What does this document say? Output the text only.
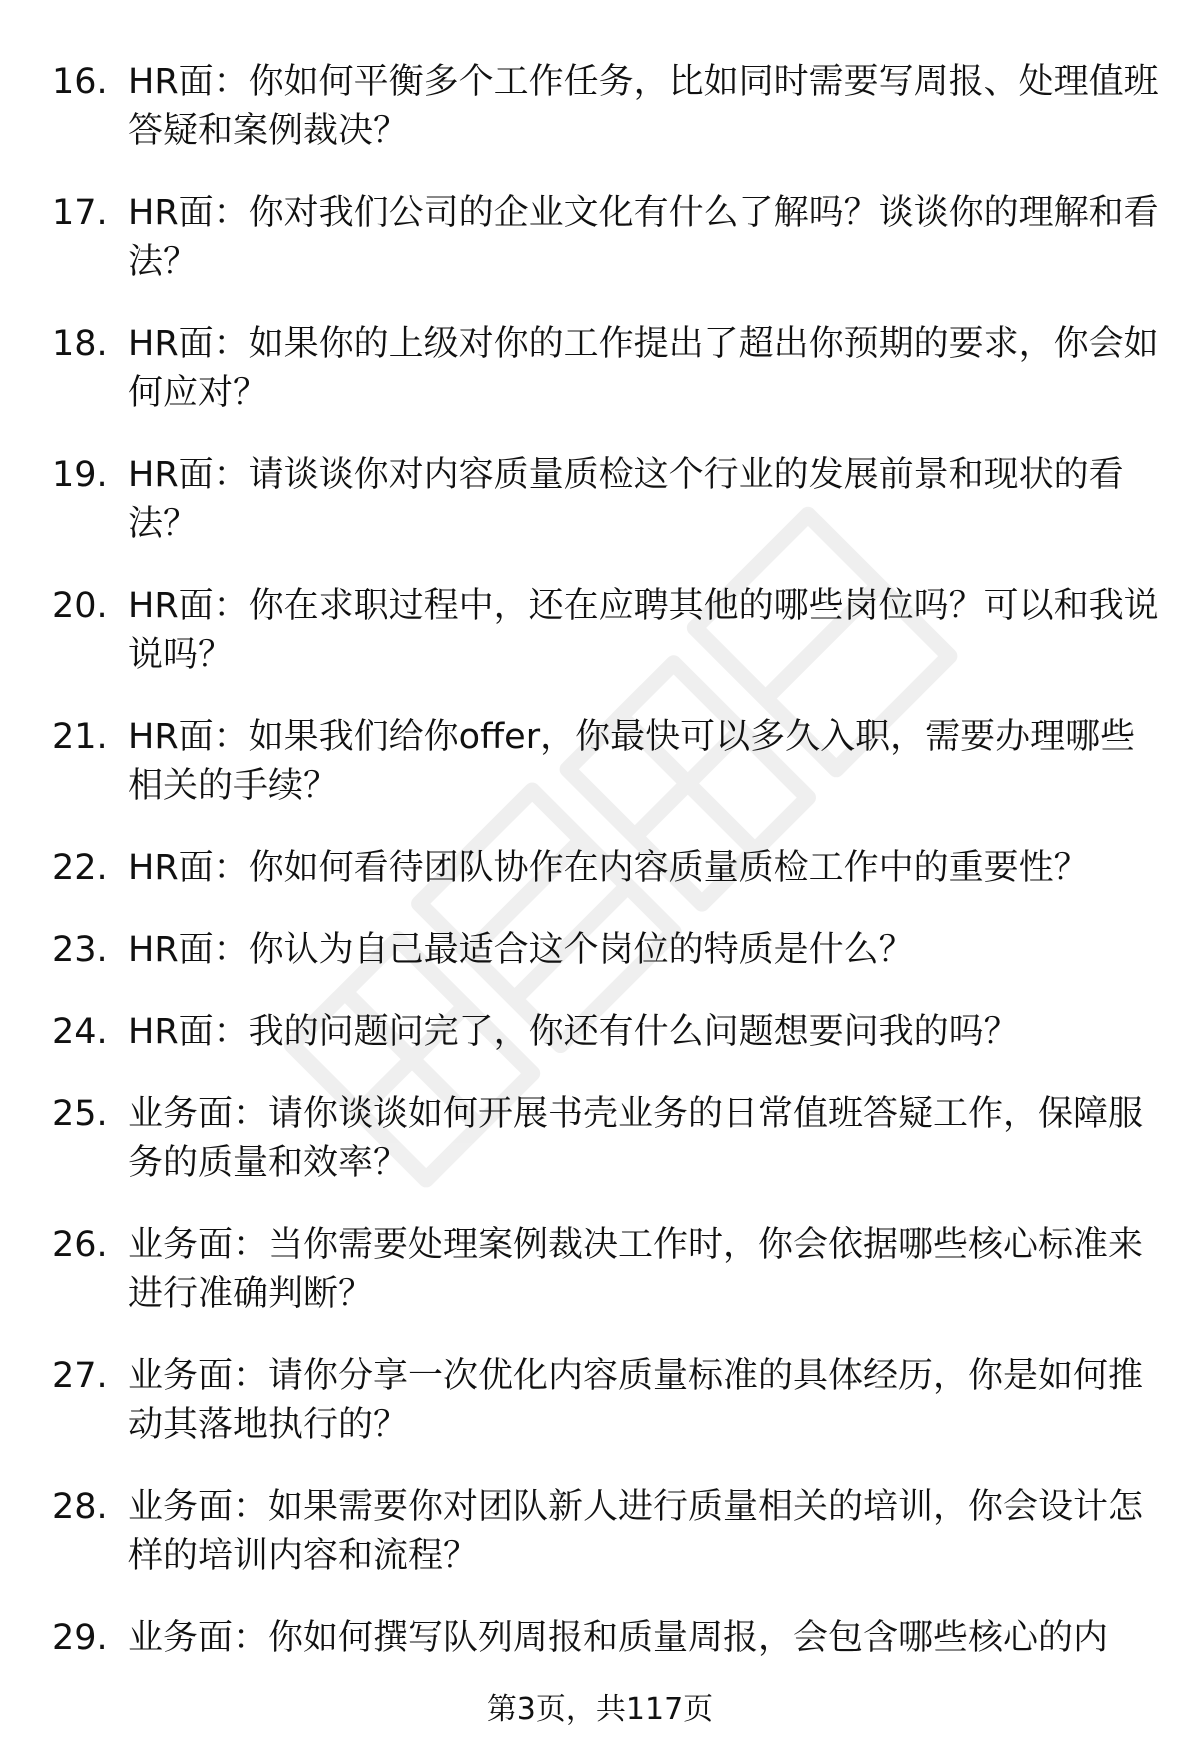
16. HR面：你如何平衡多个工作任务，比如同时需要写周报、处理值班答疑和案例裁决？
17. HR面：你对我们公司的企业文化有什么了解吗？谈谈你的理解和看法？
18. HR面：如果你的上级对你的工作提出了超出你预期的要求，你会如何应对？
19. HR面：请谈谈你对内容质量质检这个行业的发展前景和现状的看法？
20. HR面：你在求职过程中，还在应聘其他的哪些岗位吗？可以和我说说吗？
21. HR面：如果我们给你offer，你最快可以多久入职，需要办理哪些相关的手续？
22. HR面：你如何看待团队协作在内容质量质检工作中的重要性？
23. HR面：你认为自己最适合这个岗位的特质是什么？
24. HR面：我的问题问完了，你还有什么问题想要问我的吗？
25. 业务面：请你谈谈如何开展书壳业务的日常值班答疑工作，保障服务的质量和效率？
26. 业务面：当你需要处理案例裁决工作时，你会依据哪些核心标准来进行准确判断？
27. 业务面：请你分享一次优化内容质量标准的具体经历，你是如何推动其落地执行的？
28. 业务面：如果需要你对团队新人进行质量相关的培训，你会设计怎样的培训内容和流程？
29. 业务面：你如何撰写队列周报和质量周报，会包含哪些核心的内
第3页，共117页
